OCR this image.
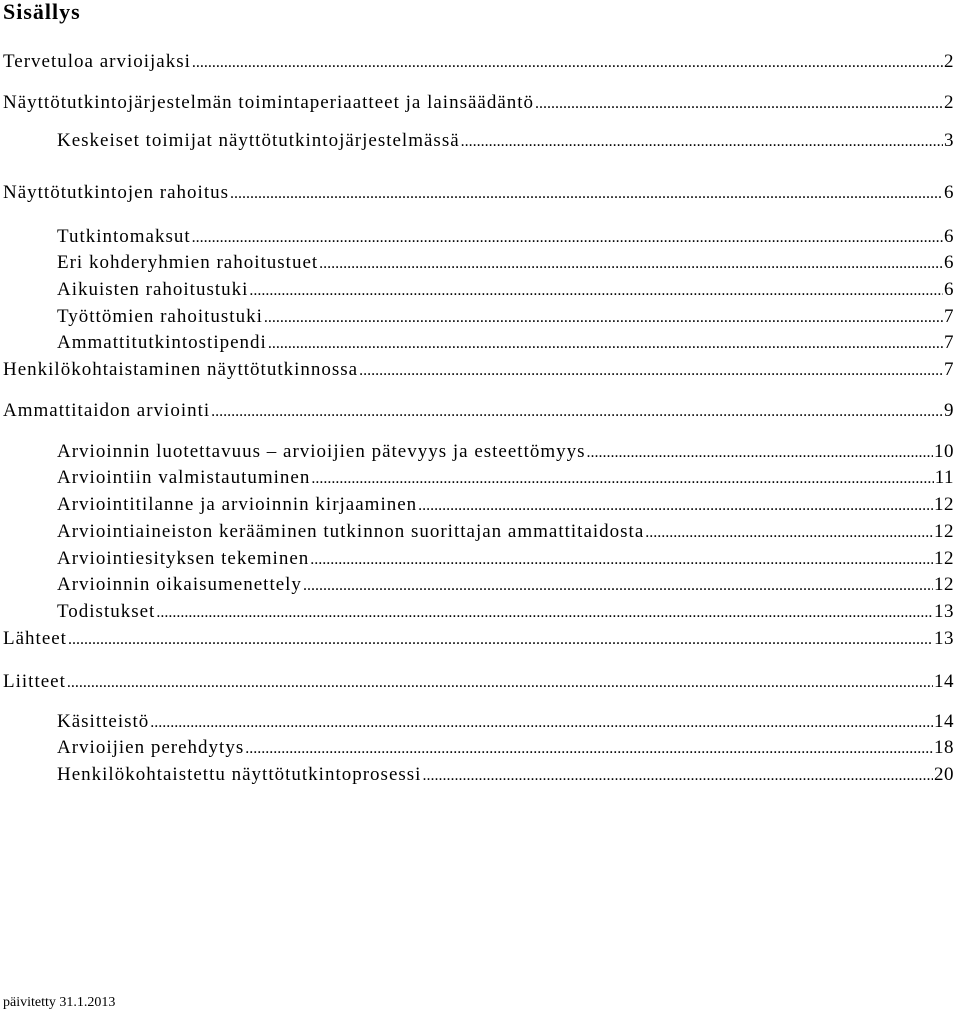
Sisällys
Tervetuloa arvioijaksi .....	2
Näyttötutkintojärjestelmän toimintaperiaatteet ja lainsäädäntö .....	2
Keskeiset toimijat näyttötutkintojärjestelmässä .....	3
Näyttötutkintojen rahoitus .....	6
Tutkintomaksut .....	6
Eri kohderyhmien rahoitustuet .....	6
Aikuisten rahoitustuki .....	6
Työttömien rahoitustuki .....	7
Ammattitutkintostipendi .....	7
Henkilökohtaistaminen näyttötutkinnossa .....	7
Ammattitaidon arviointi .....	9
Arvioinnin luotettavuus – arvioijien pätevyys ja esteettömyys .....	10
Arviointiin valmistautuminen .....	11
Arviointitilanne ja arvioinnin kirjaaminen .....	12
Arviointiaineiston kerääminen tutkinnon suorittajan ammattitaidosta .....	12
Arviointiesityksen tekeminen .....	12
Arvioinnin oikaisumenettely .....	12
Todistukset .....	13
Lähteet .....	13
Liitteet .....	14
Käsitteistö .....	14
Arvioijien perehdytys .....	18
Henkilökohtaistettu näyttötutkintoprosessi .....	20

päivitetty 31.1.2013
